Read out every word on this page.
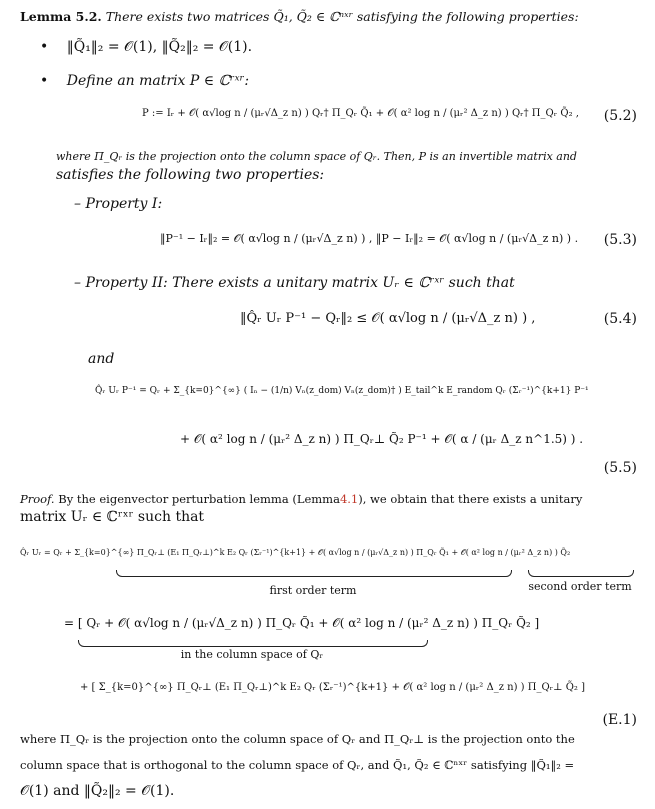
Lemma 5.2. There exists two matrices Q̃₁, Q̃₂ ∈ ℂⁿˣʳ satisfying the following properties:
• ‖Q̃₁‖₂ = 𝒪(1), ‖Q̃₂‖₂ = 𝒪(1).
• Define an matrix P ∈ ℂʳˣʳ:
P := Iᵣ + 𝒪( α√log n / (μᵣ√Δ_z n) ) Qᵣ† Π_Qᵣ Q̃₁ + 𝒪( α² log n / (μᵣ² Δ_z n) ) Qᵣ† Π_Qᵣ Q̃₂ , (5.2)
where Π_Qᵣ is the projection onto the column space of Qᵣ. Then, P is an invertible matrix and
satisfies the following two properties:
– Property I:
‖P⁻¹ − Iᵣ‖₂ = 𝒪( α√log n / (μᵣ√Δ_z n) ) , ‖P − Iᵣ‖₂ = 𝒪( α√log n / (μᵣ√Δ_z n) ) . (5.3)
– Property II: There exists a unitary matrix Uᵣ ∈ ℂʳˣʳ such that
‖Q̂ᵣ Uᵣ P⁻¹ − Qᵣ‖₂ ≤ 𝒪( α√log n / (μᵣ√Δ_z n) ) ,	(5.4)
and
Q̂ᵣ Uᵣ P⁻¹ = Qᵣ + Σ_{k=0}^{∞} ( Iₙ − (1/n) Vₙ(z_dom) Vₙ(z_dom)† ) E_tail^k E_random Qᵣ (Σᵣ⁻¹)^{k+1} P⁻¹
+ 𝒪( α² log n / (μᵣ² Δ_z n) ) Π_Qᵣ⊥ Q̃₂ P⁻¹ + 𝒪( α / (μᵣ Δ_z n^1.5) ) .
(5.5)
Proof. By the eigenvector perturbation lemma (Lemma4.1), we obtain that there exists a unitary
matrix Uᵣ ∈ ℂʳˣʳ such that
Q̂ᵣ Uᵣ = Qᵣ + Σ_{k=0}^{∞} Π_Qᵣ⊥ (E₁ Π_Qᵣ⊥)^k E₂ Qᵣ (Σᵣ⁻¹)^{k+1} + 𝒪( α√log n / (μᵣ√Δ_z n) ) Π_Qᵣ Q̃₁ + 𝒪( α² log n / (μᵣ² Δ_z n) ) Q̃₂
first order term	second order term
= [ Qᵣ + 𝒪( α√log n / (μᵣ√Δ_z n) ) Π_Qᵣ Q̃₁ + 𝒪( α² log n / (μᵣ² Δ_z n) ) Π_Qᵣ Q̃₂ ]
in the column space of Qᵣ
+ [ Σ_{k=0}^{∞} Π_Qᵣ⊥ (E₁ Π_Qᵣ⊥)^k E₂ Qᵣ (Σᵣ⁻¹)^{k+1} + 𝒪( α² log n / (μᵣ² Δ_z n) ) Π_Qᵣ⊥ Q̃₂ ]
(E.1)
where Π_Qᵣ is the projection onto the column space of Qᵣ and Π_Qᵣ⊥ is the projection onto the
column space that is orthogonal to the column space of Qᵣ, and Q̃₁, Q̃₂ ∈ ℂⁿˣʳ satisfying ‖Q̃₁‖₂ =
𝒪(1) and ‖Q̃₂‖₂ = 𝒪(1).
